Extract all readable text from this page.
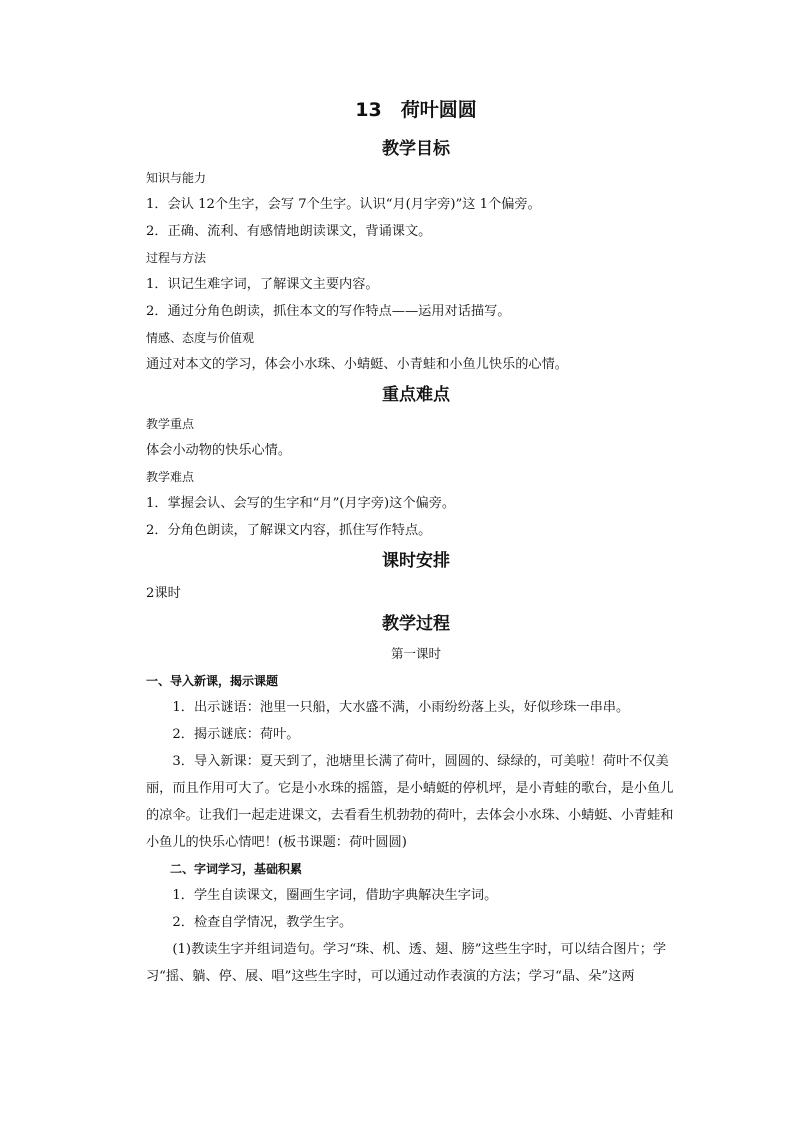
13　荷叶圆圆
教学目标
知识与能力

1．会认 12个生字，会写 7个生字。认识“月(月字旁)”这 1个偏旁。

2．正确、流利、有感情地朗读课文，背诵课文。

过程与方法

1．识记生难字词，了解课文主要内容。

2．通过分角色朗读，抓住本文的写作特点——运用对话描写。

情感、态度与价值观

通过对本文的学习，体会小水珠、小蜻蜓、小青蛙和小鱼儿快乐的心情。

重点难点
教学重点

体会小动物的快乐心情。

教学难点

1．掌握会认、会写的生字和“月”(月字旁)这个偏旁。

2．分角色朗读，了解课文内容，抓住写作特点。

课时安排

2课时

教学过程
第一课时
一、导入新课，揭示课题

1．出示谜语：池里一只船，大水盛不满，小雨纷纷落上头，好似珍珠一串串。

2．揭示谜底：荷叶。

3．导入新课：夏天到了，池塘里长满了荷叶，圆圆的、绿绿的，可美啦！荷叶不仅美丽，而且作用可大了。它是小水珠的摇篮，是小蜻蜓的停机坪，是小青蛙的歌台，是小鱼儿的凉伞。让我们一起走进课文，去看看生机勃勃的荷叶，去体会小水珠、小蜻蜓、小青蛙和小鱼儿的快乐心情吧！(板书课题：荷叶圆圆)

二、字词学习，基础积累

1．学生自读课文，圈画生字词，借助字典解决生字词。

2．检查自学情况，教学生字。

(1)教读生字并组词造句。学习“珠、机、透、翅、膀”这些生字时，可以结合图片；学习“摇、躺、停、展、唱”这些生字时，可以通过动作表演的方法；学习“晶、朵”这两
